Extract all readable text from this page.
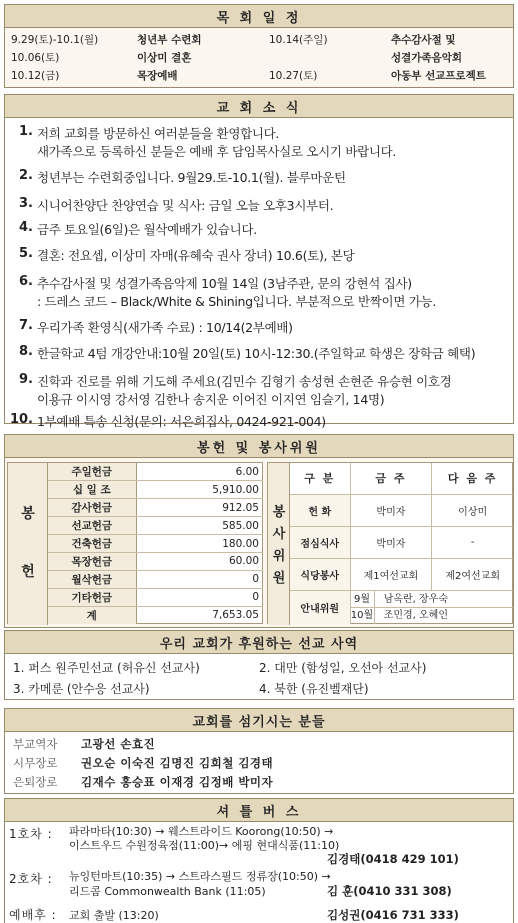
목 회 일 정
9.29(토)-10.1(월)	청년부 수련회
10.06(토)	이상미 결혼
10.12(금)	목장예배
10.14(주일)	추수감사절 및
성결가족음악회
10.27(토)	아동부 선교프로젝트
교 회 소 식
1. 저희 교회를 방문하신 여러분들을 환영합니다.
새가족으로 등록하신 분들은 예배 후 담임목사실로 오시기 바랍니다.
2. 청년부는 수련회중입니다. 9월29.토-10.1(월). 블루마운틴
3. 시니어찬양단 찬양연습 및 식사: 금일 오늘 오후3시부터.
4. 금주 토요일(6일)은 월삭예배가 있습니다.
5. 결혼: 전요셉, 이상미 자매(유혜숙 권사 장녀) 10.6(토), 본당
6. 추수감사절 및 성결가족음악제 10월 14일 (3남주관, 문의 강현석 집사)
: 드레스 코드 – Black/White & Shining입니다. 부분적으로 반짝이면 가능.
7. 우리가족 환영식(새가족 수료) : 10/14(2부예배)
8. 한글학교 4텀 개강안내:10월 20일(토) 10시-12:30.(주일학교 학생은 장학금 혜택)
9. 진학과 진로를 위해 기도해 주세요(김민수 김형기 송성현 손현준 유승현 이호경
이용규 이시영 강서영 김한나 송지운 이어진 이지연 임슬기, 14명)
10. 1부예배 특송 신청(문의: 서은희집사, 0424-921-004)
봉헌 및 봉사위원
봉
헌
주일헌금	6.00
십 일 조	5,910.00
감사헌금	912.05
선교헌금	585.00
건축헌금	180.00
목장헌금	60.00
월삭헌금	0
기타헌금	0
계	7,653.05
봉
사
위
원
구 분	금 주	다 음 주
헌 화	박미자	이상미
점심식사	박미자	-
식당봉사	제1여선교회	제2여선교회
안내위원	9월 남옥란, 장우숙
10월 조민경, 오혜인	
우리 교회가 후원하는 선교 사역
1. 퍼스 원주민선교 (허유신 선교사)	2. 대만 (함성일, 오선아 선교사)
3. 카메룬 (안수응 선교사)	4. 북한 (유진벨재단)
교회를 섬기시는 분들
부교역자 고광선 손효진
시무장로 권오순 이숙진 김명진 김희철 김경태
은퇴장로 김재수 홍승표 이재경 김정배 박미자
셔 틀 버 스
1호차 : 파라마타(10:30) → 웨스트라이드 Koorong(10:50) →
이스트우드 수원정육점(11:00)→ 에핑 현대식품(11:10)
김경태(0418 429 101)
2호차 : 뉴잉턴마트(10:35) → 스트라스필드 정류장(10:50) →
리드콤 Commonwealth Bank (11:05)	김 훈(0410 331 308)
예배후 : 교회 출발 (13:20)	김성권(0416 731 333)
